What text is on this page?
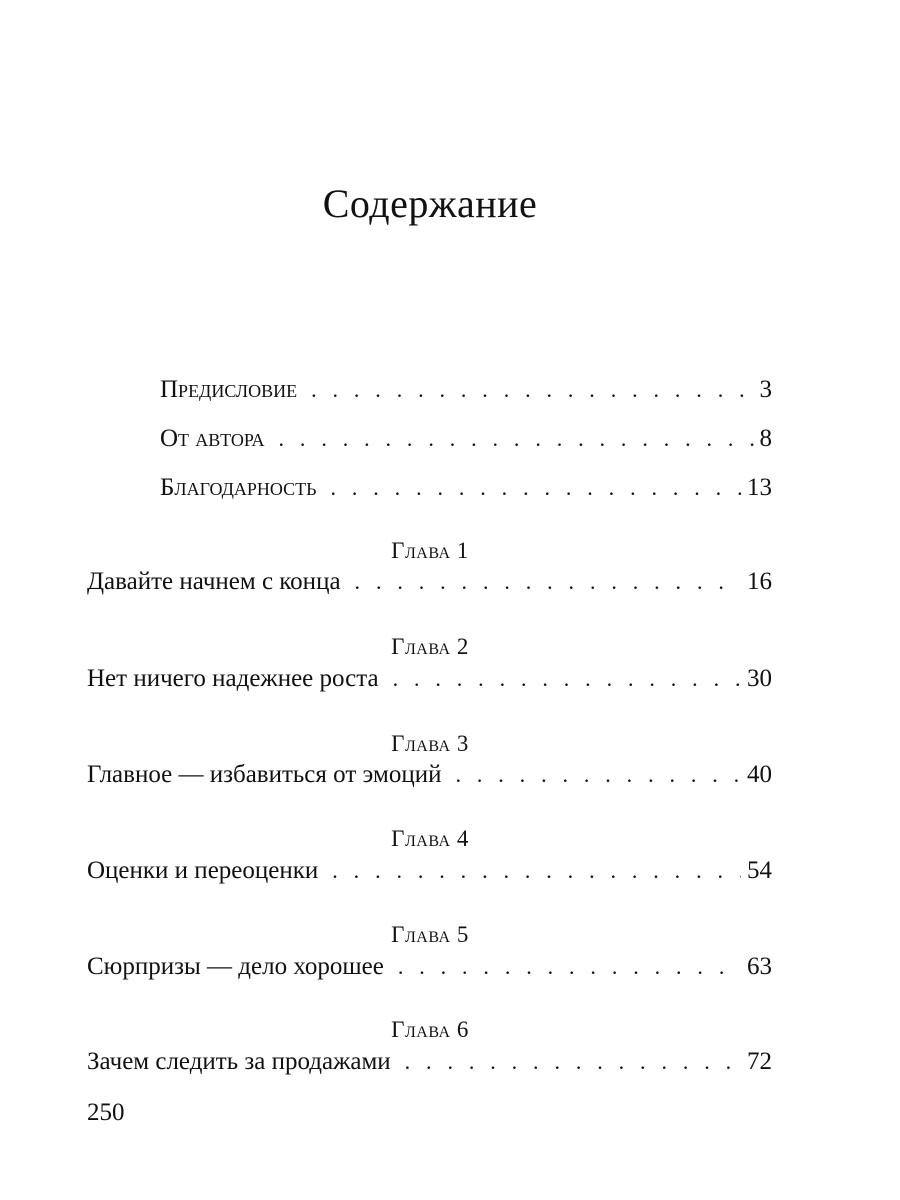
Содержание
Предисловие . . .	3
От автора . . .	8
Благодарность . . .	13
Глава 1
Давайте начнем с конца . . .	16
Глава 2
Нет ничего надежнее роста . . .	30
Глава 3
Главное — избавиться от эмоций . . .	40
Глава 4
Оценки и переоценки . . .	54
Глава 5
Сюрпризы — дело хорошее . . .	63
Глава 6
Зачем следить за продажами . . .	72
250
